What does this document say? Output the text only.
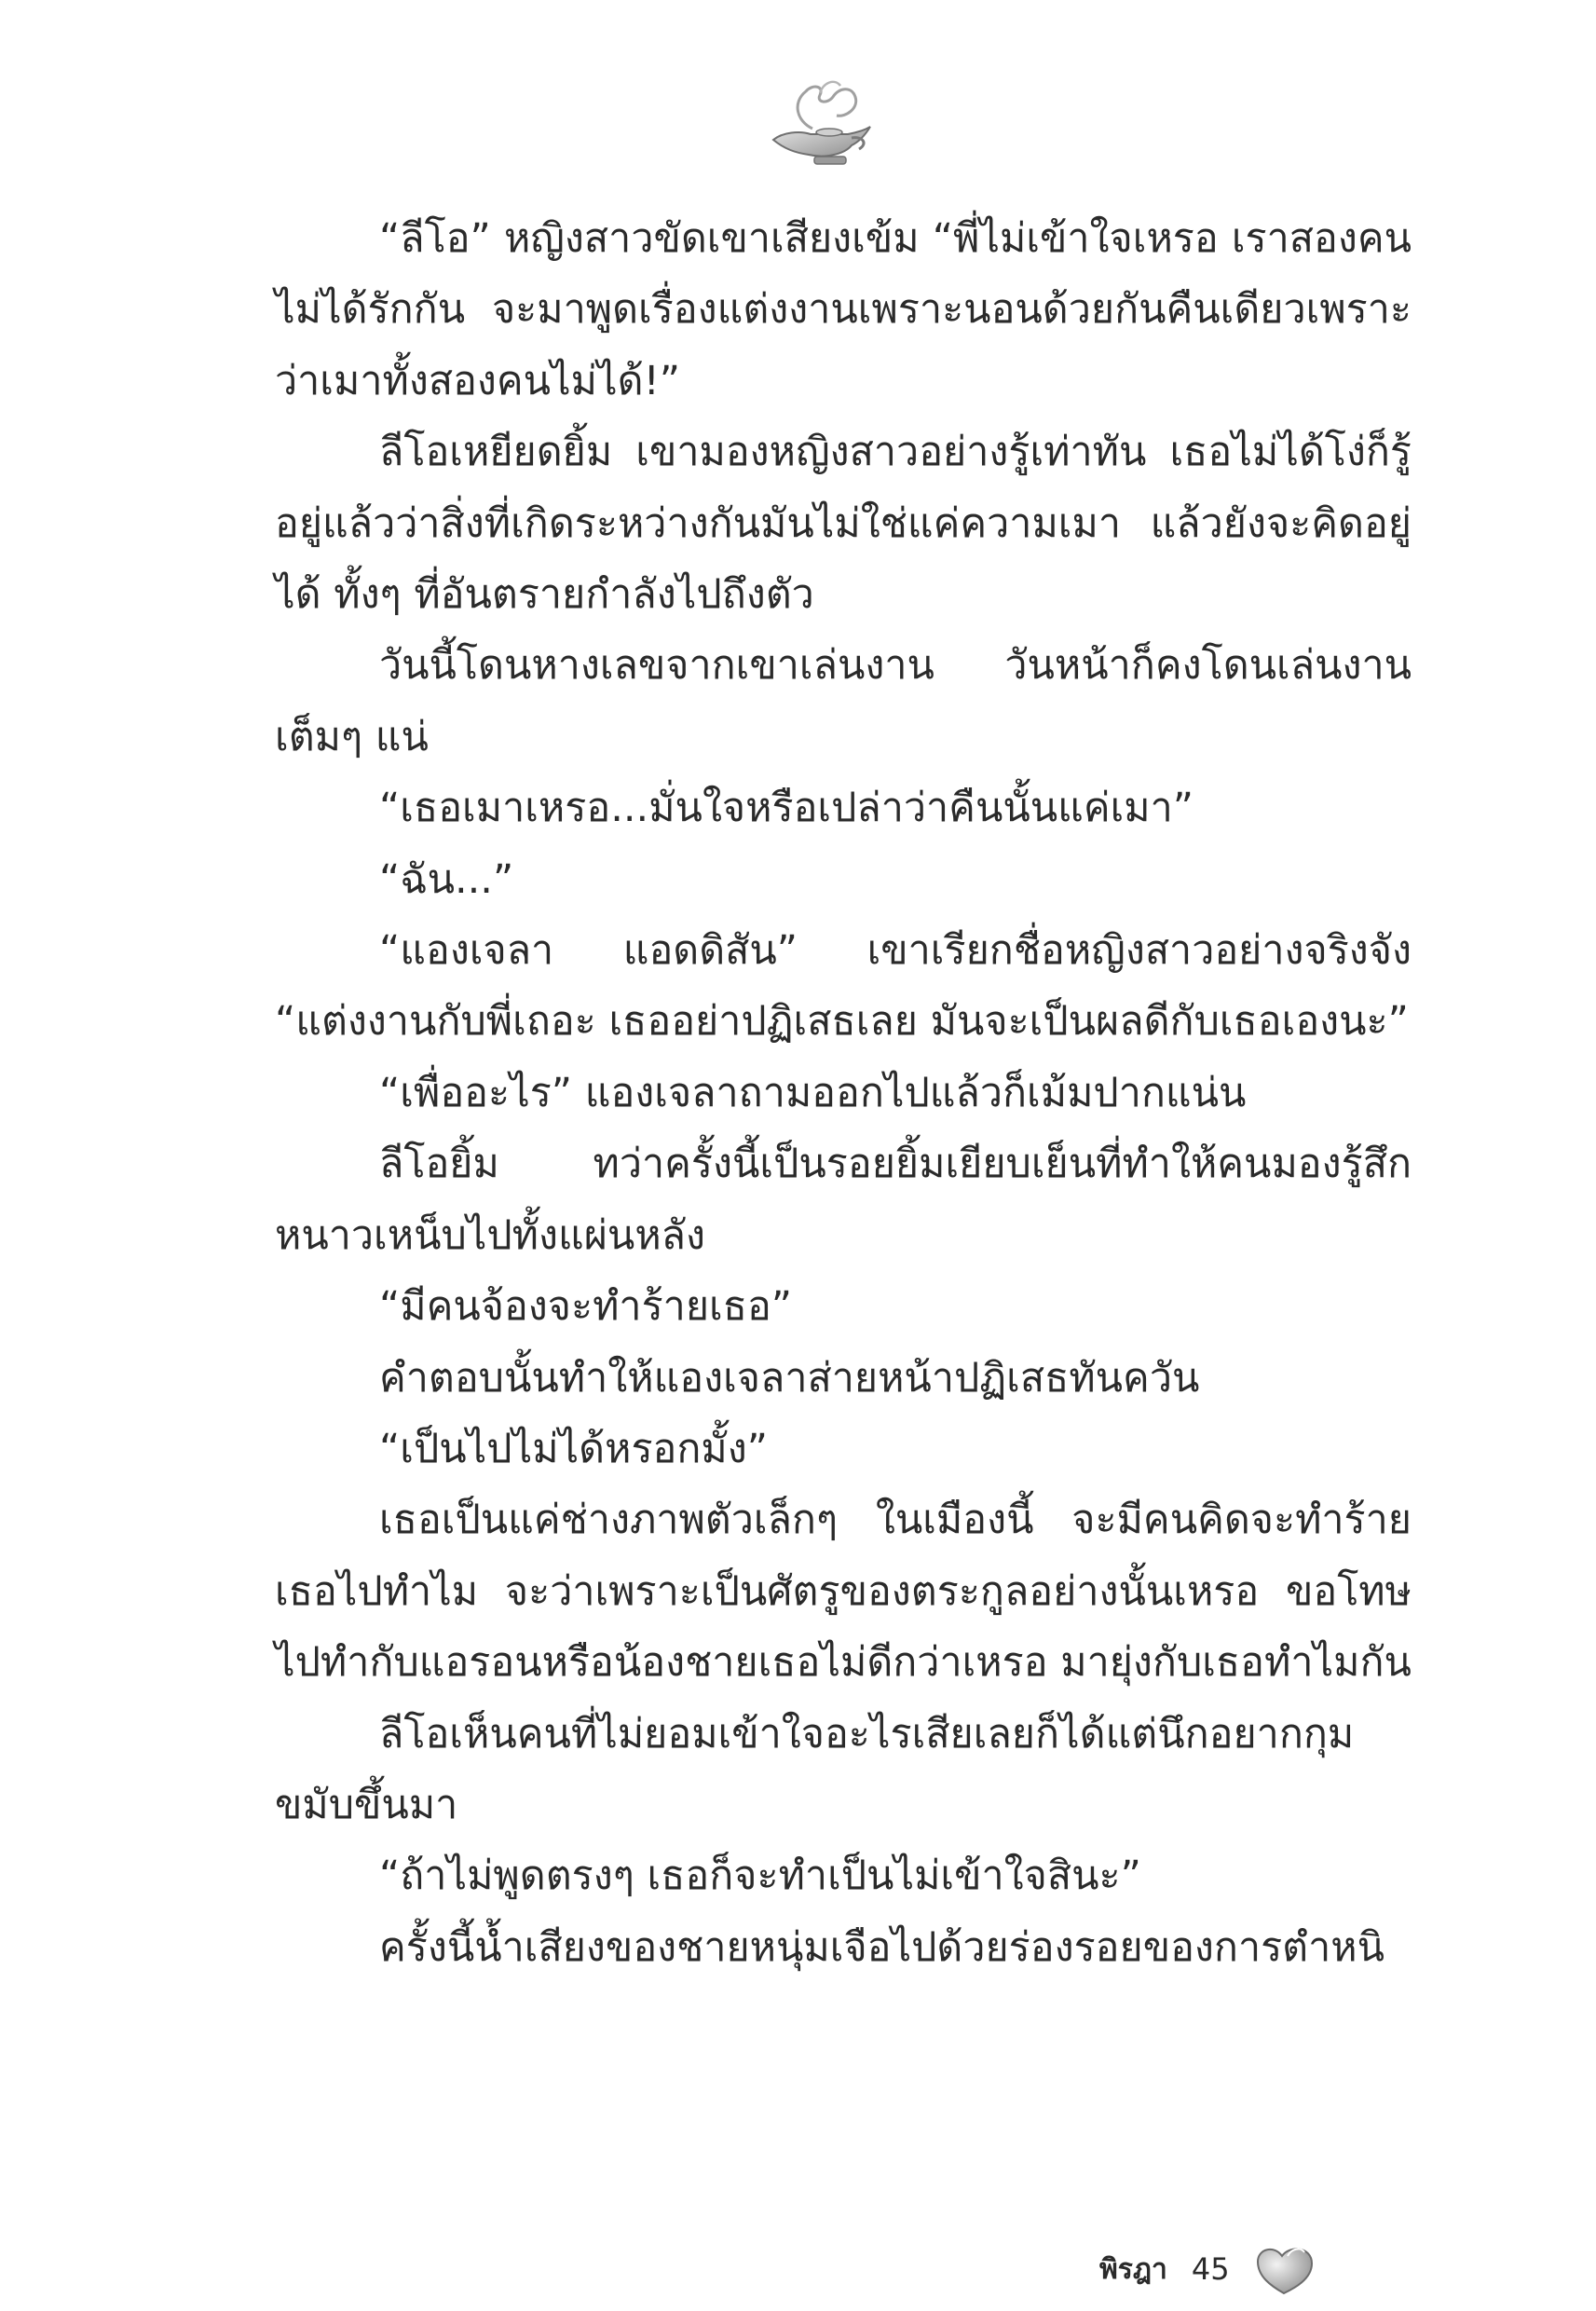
“ลีโอ” หญิงสาวขัดเขาเสียงเข้ม “พี่ไม่เข้าใจเหรอ เราสองคนไม่ได้รักกัน จะมาพูดเรื่องแต่งงานเพราะนอนด้วยกันคืนเดียวเพราะว่าเมาทั้งสองคนไม่ได้!”

ลีโอเหยียดยิ้ม เขามองหญิงสาวอย่างรู้เท่าทัน เธอไม่ได้โง่ก็รู้อยู่แล้วว่าสิ่งที่เกิดระหว่างกันมันไม่ใช่แค่ความเมา แล้วยังจะคิดอยู่ได้ ทั้งๆ ที่อันตรายกำลังไปถึงตัว

วันนี้โดนหางเลขจากเขาเล่นงาน วันหน้าก็คงโดนเล่นงานเต็มๆ แน่

“เธอเมาเหรอ...มั่นใจหรือเปล่าว่าคืนนั้นแค่เมา”

“ฉัน...”

“แองเจลา แอดดิสัน” เขาเรียกชื่อหญิงสาวอย่างจริงจัง “แต่งงานกับพี่เถอะ เธออย่าปฏิเสธเลย มันจะเป็นผลดีกับเธอเองนะ”

“เพื่ออะไร” แองเจลาถามออกไปแล้วก็เม้มปากแน่น

ลีโอยิ้ม ทว่าครั้งนี้เป็นรอยยิ้มเยียบเย็นที่ทำให้คนมองรู้สึกหนาวเหน็บไปทั้งแผ่นหลัง

“มีคนจ้องจะทำร้ายเธอ”

คำตอบนั้นทำให้แองเจลาส่ายหน้าปฏิเสธทันควัน

“เป็นไปไม่ได้หรอกมั้ง”

เธอเป็นแค่ช่างภาพตัวเล็กๆ ในเมืองนี้ จะมีคนคิดจะทำร้ายเธอไปทำไม จะว่าเพราะเป็นศัตรูของตระกูลอย่างนั้นเหรอ ขอโทษไปทำกับแอรอนหรือน้องชายเธอไม่ดีกว่าเหรอ มายุ่งกับเธอทำไมกัน

ลีโอเห็นคนที่ไม่ยอมเข้าใจอะไรเสียเลยก็ได้แต่นึกอยากกุมขมับขึ้นมา

“ถ้าไม่พูดตรงๆ เธอก็จะทำเป็นไม่เข้าใจสินะ”

ครั้งนี้น้ำเสียงของชายหนุ่มเจือไปด้วยร่องรอยของการตำหนิ

พิรฎา 45
